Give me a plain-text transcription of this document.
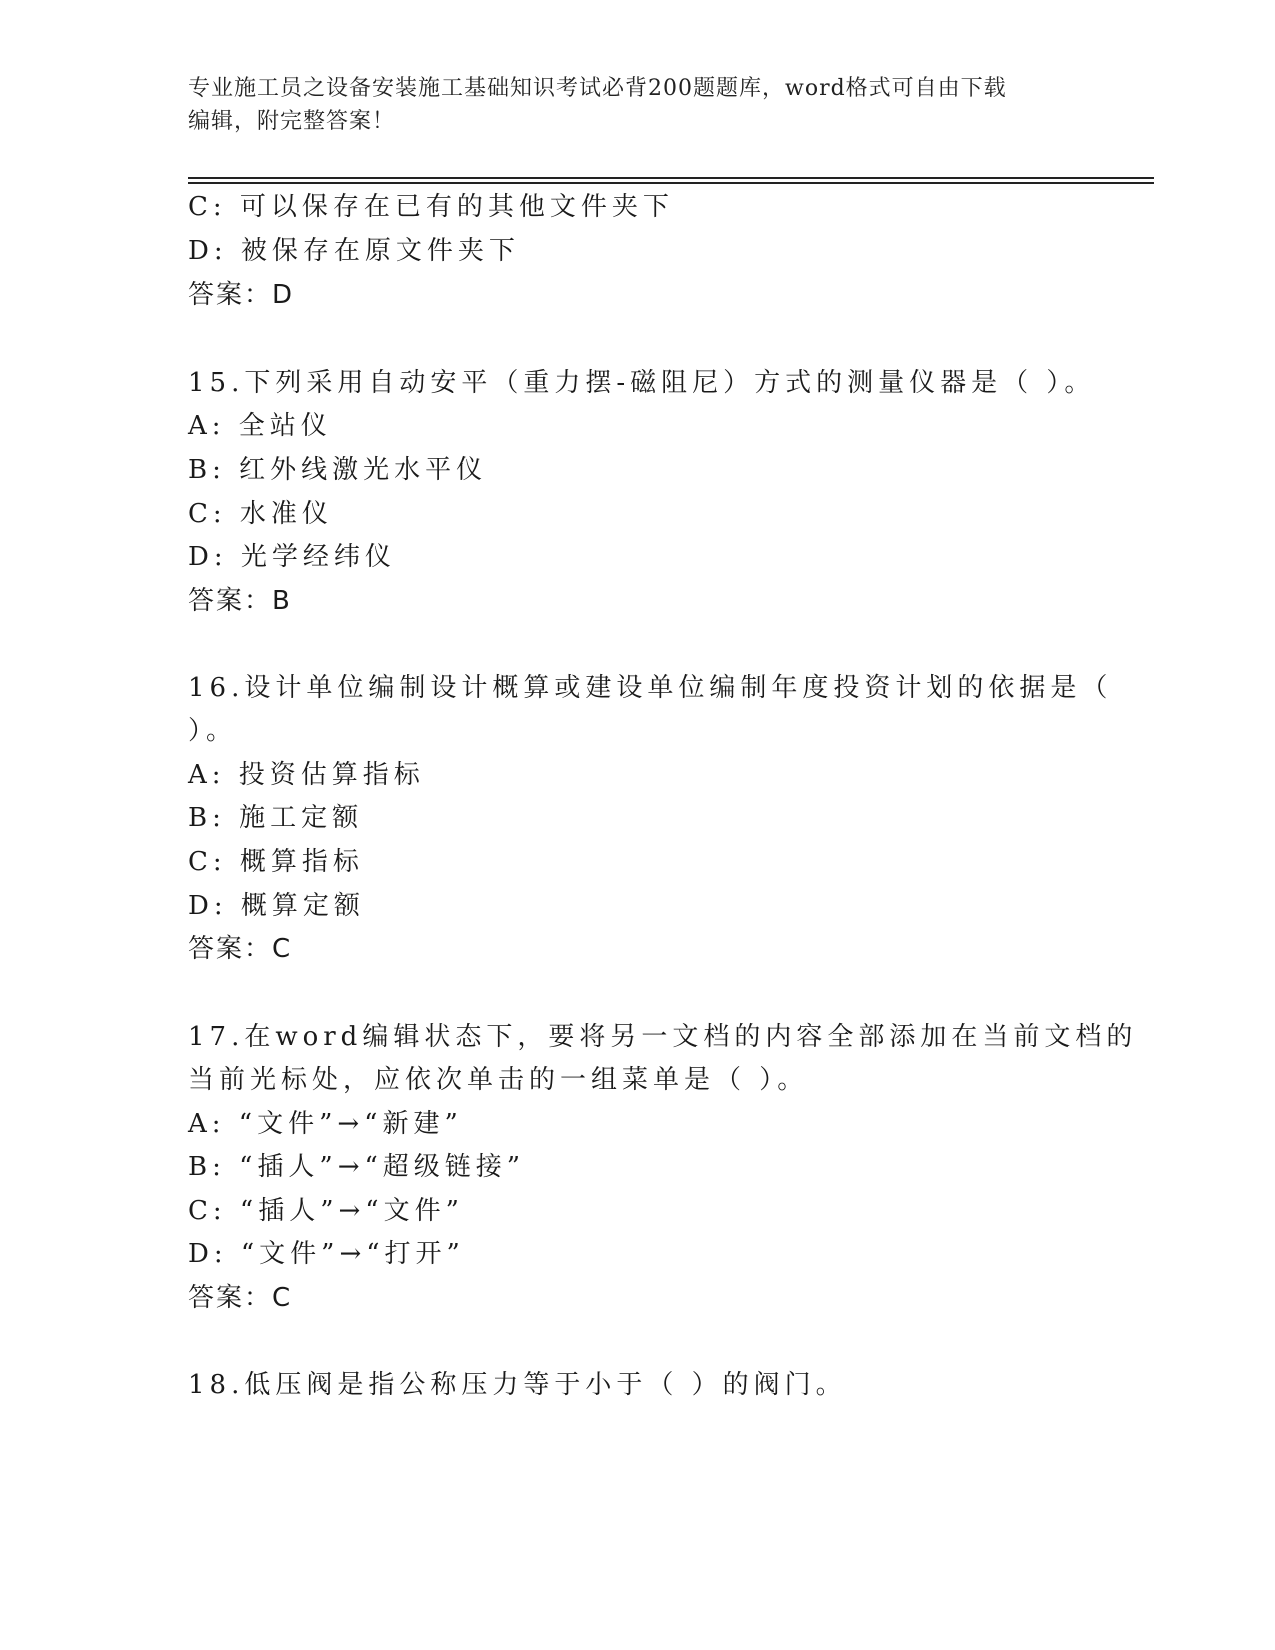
专业施工员之设备安装施工基础知识考试必背200题题库，word格式可自由下载
编辑，附完整答案！
C: 可以保存在已有的其他文件夹下
D: 被保存在原文件夹下
答案：D
15.下列采用自动安平（重力摆-磁阻尼）方式的测量仪器是（ ）。
A: 全站仪
B: 红外线激光水平仪
C: 水准仪
D: 光学经纬仪
答案：B
16.设计单位编制设计概算或建设单位编制年度投资计划的依据是（
）。
A: 投资估算指标
B: 施工定额
C: 概算指标
D: 概算定额
答案：C
17.在word编辑状态下，要将另一文档的内容全部添加在当前文档的
当前光标处，应依次单击的一组菜单是（ ）。
A: “文件”→“新建”
B: “插人”→“超级链接”
C: “插人”→“文件”
D: “文件”→“打开”
答案：C
18.低压阀是指公称压力等于小于（ ）的阀门。
